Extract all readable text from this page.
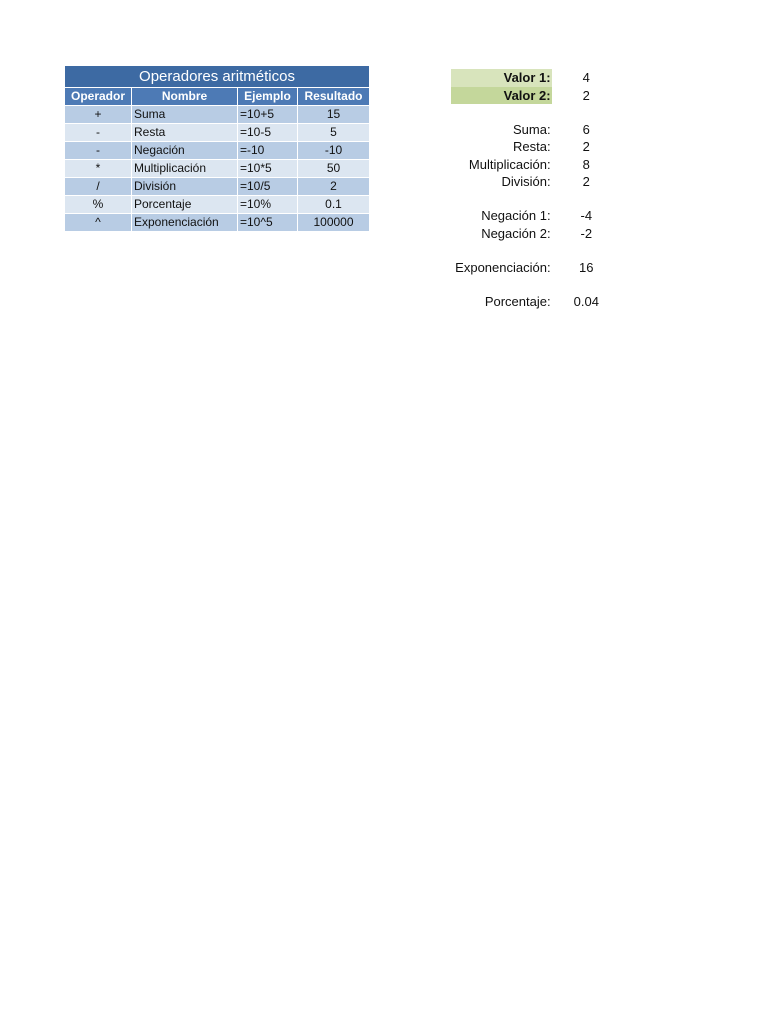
Operadores aritméticos
Operador	Nombre	Ejemplo	Resultado
+	Suma	=10+5	15
-	Resta	=10-5	5
-	Negación	=-10	-10
*	Multiplicación	=10*5	50
/	División	=10/5	2
%	Porcentaje	=10%	0.1
^	Exponenciación	=10^5	100000
Valor 1:	4
Valor 2:	2
Suma:	6
Resta:	2
Multiplicación:	8
División:	2
Negación 1:	-4
Negación 2:	-2
Exponenciación:	16
Porcentaje:	0.04
